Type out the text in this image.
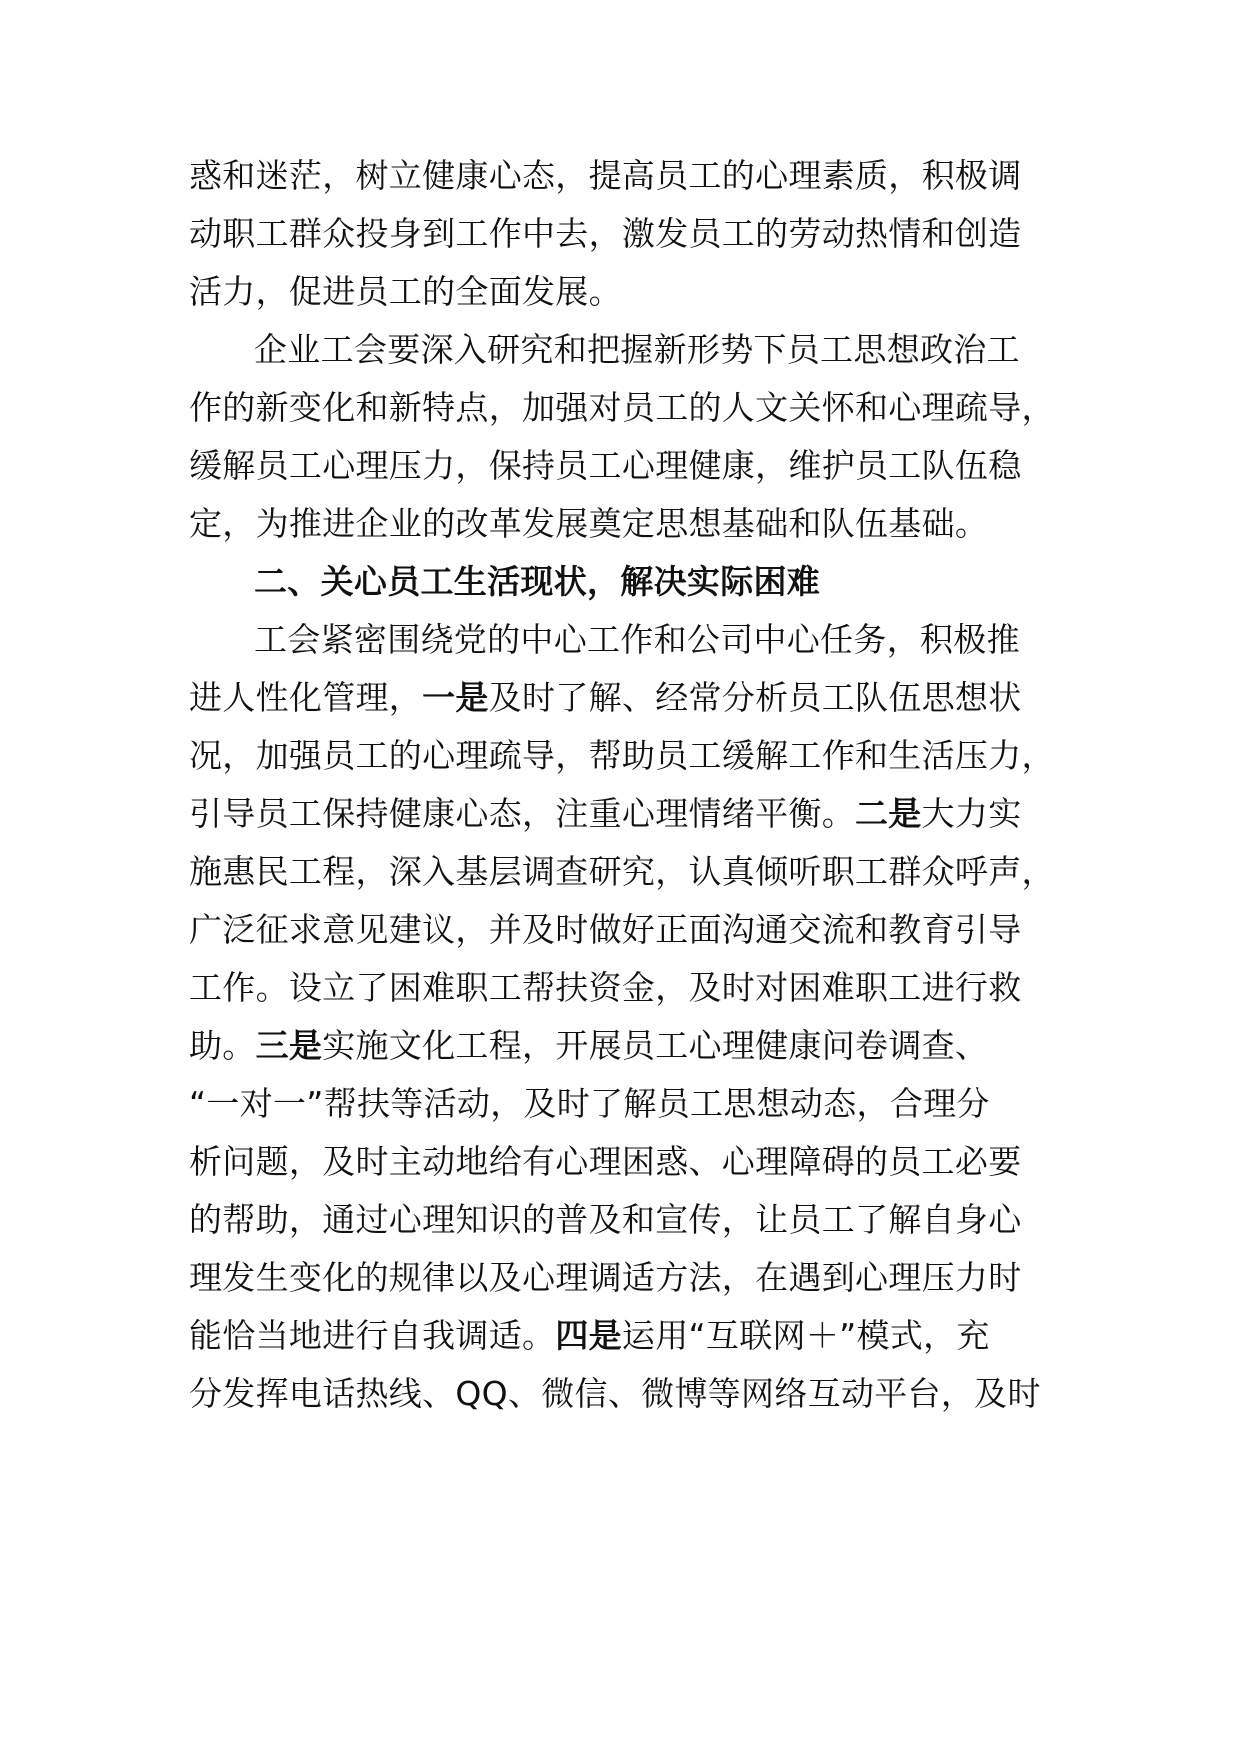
惑和迷茫，树立健康心态，提高员工的心理素质，积极调
动职工群众投身到工作中去，激发员工的劳动热情和创造
活力，促进员工的全面发展。
企业工会要深入研究和把握新形势下员工思想政治工
作的新变化和新特点，加强对员工的人文关怀和心理疏导，
缓解员工心理压力，保持员工心理健康，维护员工队伍稳
定，为推进企业的改革发展奠定思想基础和队伍基础。
二、关心员工生活现状，解决实际困难
工会紧密围绕党的中心工作和公司中心任务，积极推
进人性化管理，一是及时了解、经常分析员工队伍思想状
况，加强员工的心理疏导，帮助员工缓解工作和生活压力，
引导员工保持健康心态，注重心理情绪平衡。二是大力实
施惠民工程，深入基层调查研究，认真倾听职工群众呼声，
广泛征求意见建议，并及时做好正面沟通交流和教育引导
工作。设立了困难职工帮扶资金，及时对困难职工进行救
助。三是实施文化工程，开展员工心理健康问卷调查、
“一对一”帮扶等活动，及时了解员工思想动态，合理分
析问题，及时主动地给有心理困惑、心理障碍的员工必要
的帮助，通过心理知识的普及和宣传，让员工了解自身心
理发生变化的规律以及心理调适方法，在遇到心理压力时
能恰当地进行自我调适。四是运用“互联网＋”模式，充
分发挥电话热线、QQ、微信、微博等网络互动平台，及时
